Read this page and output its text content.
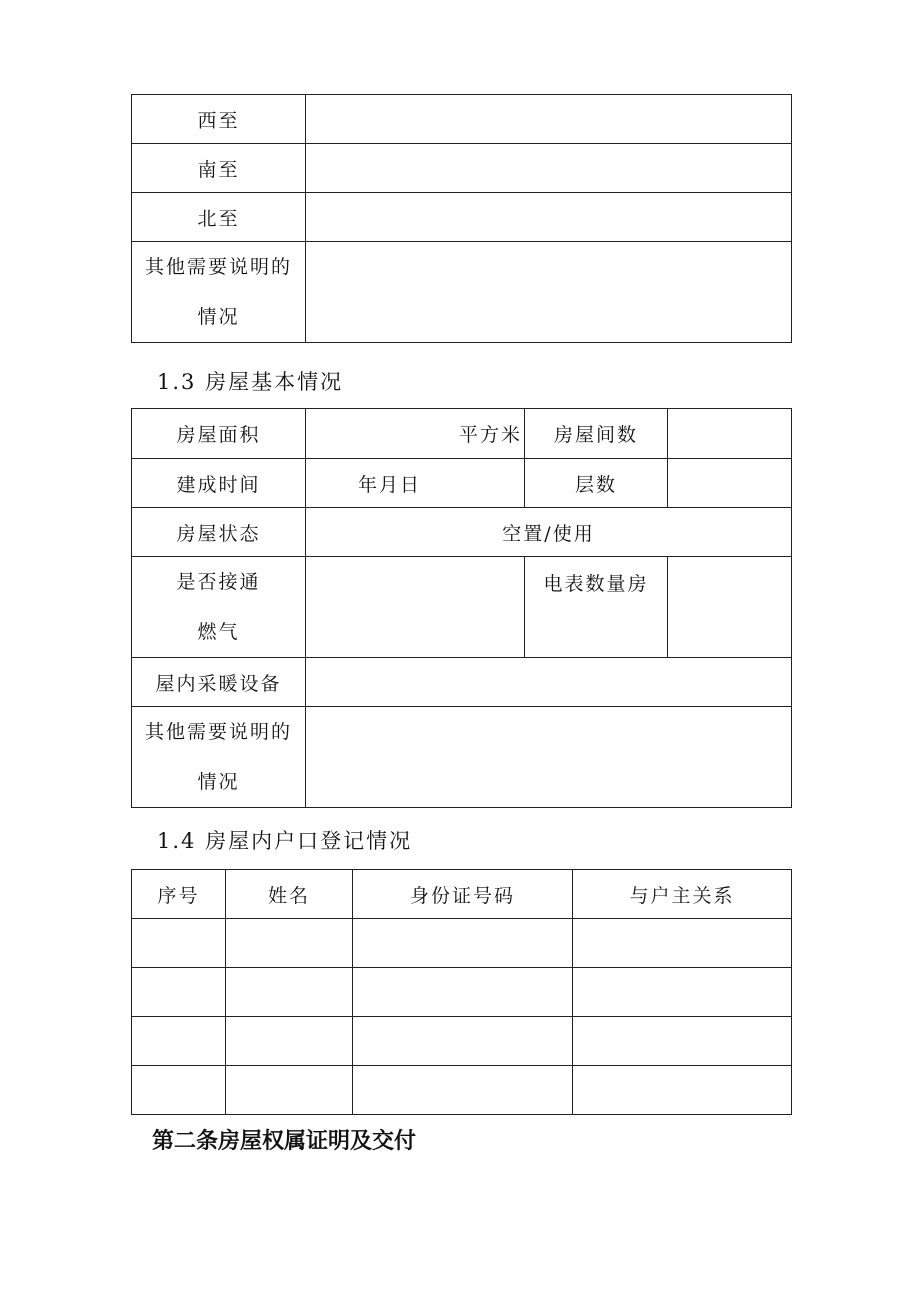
西至	
南至	
北至	

其他需要说明的
情况	

1.3 房屋基本情况
房屋面积	平方米	房屋间数	
建成时间	年月日	层数	
房屋状态	空置/使用		

是否接通
燃气		电表数量房	
屋内采暖设备			

其他需要说明的
情况			

1.4 房屋内户口登记情况
序号	姓名	身份证号码	与户主关系

第二条房屋权属证明及交付
